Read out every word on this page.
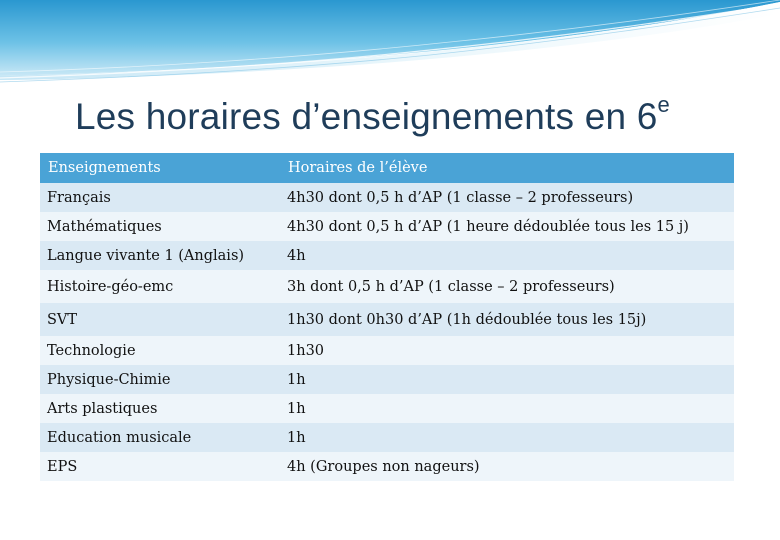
Les horaires d’enseignements en 6e
Enseignements	Horaires de l’élève
Français	4h30 dont 0,5 h d’AP (1 classe – 2 professeurs)
Mathématiques	4h30 dont 0,5 h d’AP (1 heure dédoublée tous les 15 j)
Langue vivante 1 (Anglais)	4h
Histoire-géo-emc	3h dont 0,5 h d’AP (1 classe – 2 professeurs)
SVT	1h30 dont 0h30 d’AP (1h dédoublée tous les 15j)
Technologie	1h30
Physique-Chimie	1h
Arts plastiques	1h
Education musicale	1h
EPS	4h (Groupes non nageurs)
